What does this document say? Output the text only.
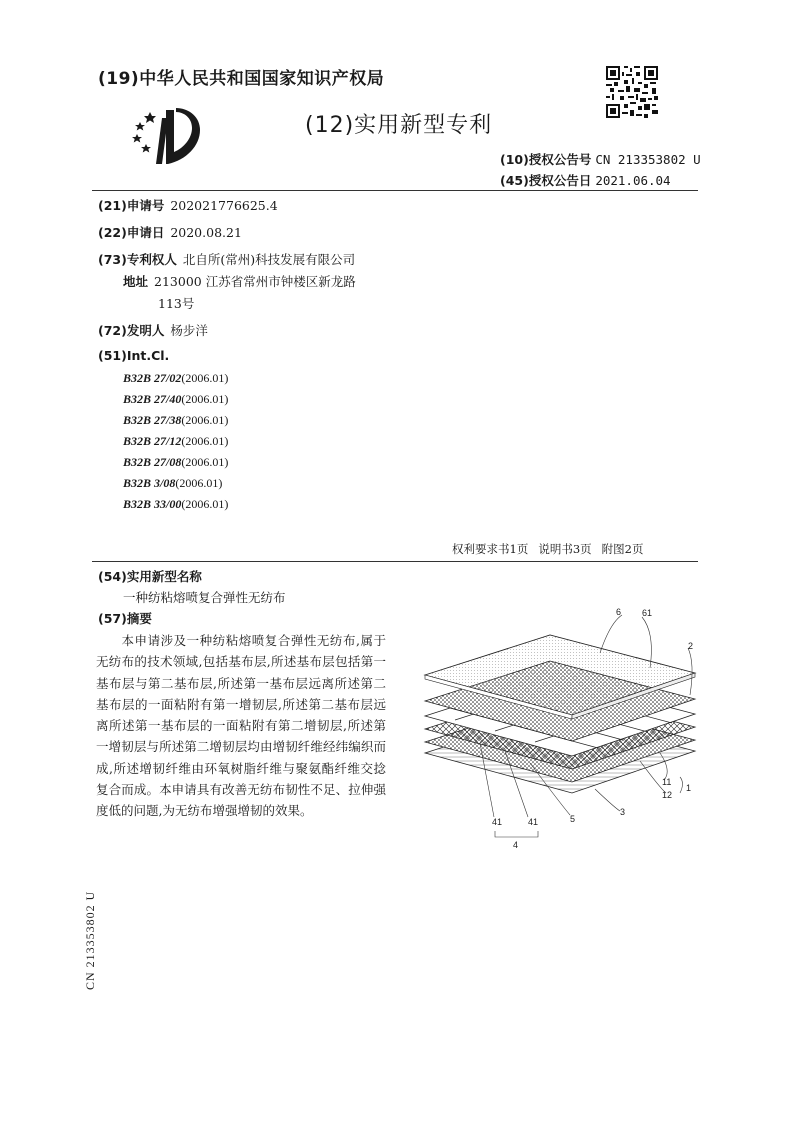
(19)中华人民共和国国家知识产权局
(12)实用新型专利
(10)授权公告号 CN 213353802 U
(45)授权公告日 2021.06.04
(21)申请号 202021776625.4
(22)申请日 2020.08.21
(73)专利权人 北自所(常州)科技发展有限公司
地址 213000 江苏省常州市钟楼区新龙路
113号
(72)发明人 杨步洋
(51)Int.Cl.
B32B 27/02(2006.01)
B32B 27/40(2006.01)
B32B 27/38(2006.01)
B32B 27/12(2006.01)
B32B 27/08(2006.01)
B32B 3/08(2006.01)
B32B 33/00(2006.01)
权利要求书1页 说明书3页 附图2页
(54)实用新型名称
一种纺粘熔喷复合弹性无纺布
(57)摘要
本申请涉及一种纺粘熔喷复合弹性无纺布,属于无纺布的技术领域,包括基布层,所述基布层包括第一基布层与第二基布层,所述第一基布层远离所述第二基布层的一面粘附有第一增韧层,所述第二基布层远离所述第一基布层的一面粘附有第二增韧层,所述第一增韧层与所述第二增韧层均由增韧纤维经纬编织而成,所述增韧纤维由环氧树脂纤维与聚氨酯纤维交捻复合而成。本申请具有改善无纺布韧性不足、拉伸强度低的问题,为无纺布增强增韧的效果。
6 61
2
11
12
1
3
5
41	41
4
CN 213353802 U
